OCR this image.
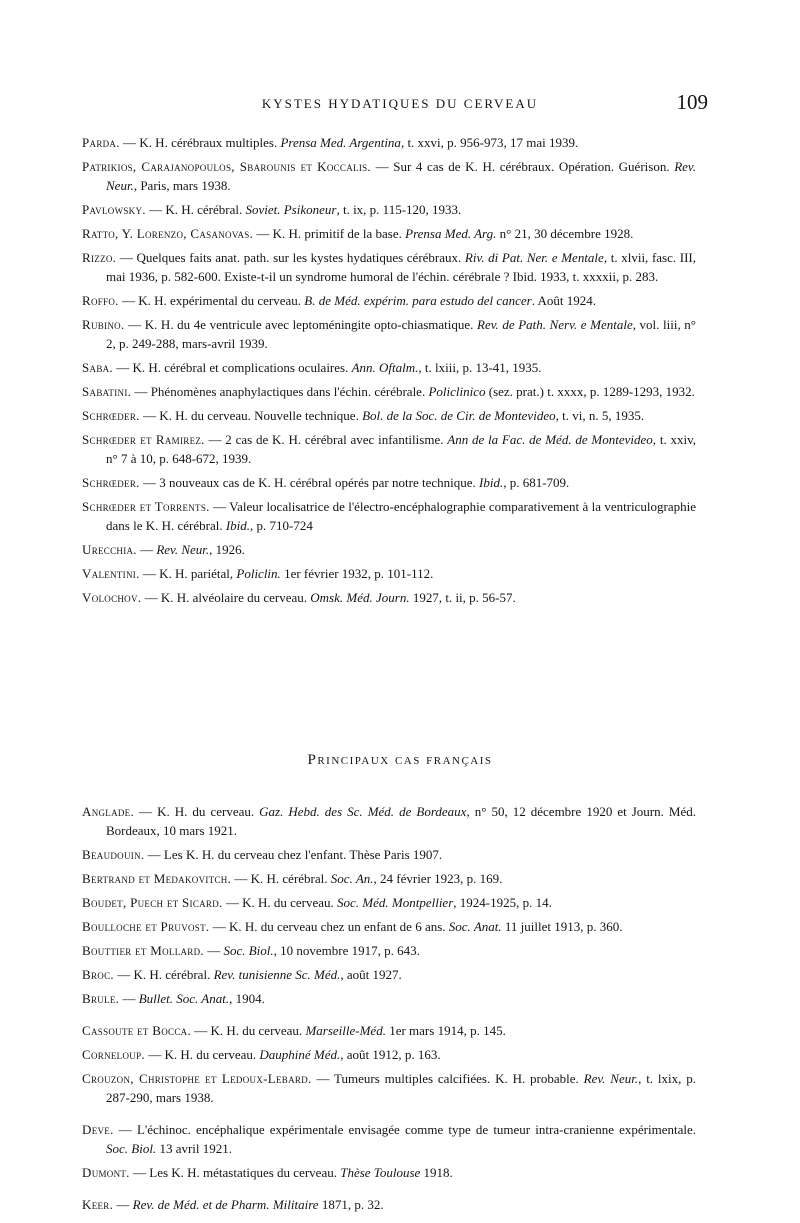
KYSTES HYDATIQUES DU CERVEAU	109
Parda. — K. H. cérébraux multiples. Prensa Med. Argentina, t. xxvi, p. 956-973, 17 mai 1939.
Patrikios, Carajanopoulos, Sbarounis et Koccalis. — Sur 4 cas de K. H. cérébraux. Opération. Guérison. Rev. Neur., Paris, mars 1938.
Pavlowsky. — K. H. cérébral. Soviet. Psikoneur, t. ix, p. 115-120, 1933.
Ratto, Y. Lorenzo, Casanovas. — K. H. primitif de la base. Prensa Med. Arg. n° 21, 30 décembre 1928.
Rizzo. — Quelques faits anat. path. sur les kystes hydatiques cérébraux. Riv. di Pat. Ner. e Mentale, t. xlvii, fasc. III, mai 1936, p. 582-600. Existe-t-il un syndrome humoral de l'échin. cérébrale ? Ibid. 1933, t. xxxxii, p. 283.
Roffo. — K. H. expérimental du cerveau. B. de Méd. expérim. para estudo del cancer. Août 1924.
Rubino. — K. H. du 4e ventricule avec leptoméningite opto-chiasmatique. Rev. de Path. Nerv. e Mentale, vol. liii, n° 2, p. 249-288, mars-avril 1939.
Saba. — K. H. cérébral et complications oculaires. Ann. Oftalm., t. lxiii, p. 13-41, 1935.
Sabatini. — Phénomènes anaphylactiques dans l'échin. cérébrale. Policlinico (sez. prat.) t. xxxx, p. 1289-1293, 1932.
Schrœder. — K. H. du cerveau. Nouvelle technique. Bol. de la Soc. de Cir. de Montevideo, t. vi, n. 5, 1935.
Schrœder et Ramirez. — 2 cas de K. H. cérébral avec infantilisme. Ann de la Fac. de Méd. de Montevideo, t. xxiv, n° 7 à 10, p. 648-672, 1939.
Schrœder. — 3 nouveaux cas de K. H. cérébral opérés par notre technique. Ibid., p. 681-709.
Schrœder et Torrents. — Valeur localisatrice de l'électro-encéphalographie comparativement à la ventriculographie dans le K. H. cérébral. Ibid., p. 710-724
Urecchia. — Rev. Neur., 1926.
Valentini. — K. H. pariétal, Policlin. 1er février 1932, p. 101-112.
Volochov. — K. H. alvéolaire du cerveau. Omsk. Méd. Journ. 1927, t. ii, p. 56-57.
Principaux cas français
Anglade. — K. H. du cerveau. Gaz. Hebd. des Sc. Méd. de Bordeaux, n° 50, 12 décembre 1920 et Journ. Méd. Bordeaux, 10 mars 1921.
Beaudouin. — Les K. H. du cerveau chez l'enfant. Thèse Paris 1907.
Bertrand et Medakovitch. — K. H. cérébral. Soc. An., 24 février 1923, p. 169.
Boudet, Puech et Sicard. — K. H. du cerveau. Soc. Méd. Montpellier, 1924-1925, p. 14.
Boulloche et Pruvost. — K. H. du cerveau chez un enfant de 6 ans. Soc. Anat. 11 juillet 1913, p. 360.
Bouttier et Mollard. — Soc. Biol., 10 novembre 1917, p. 643.
Broc. — K. H. cérébral. Rev. tunisienne Sc. Méd., août 1927.
Brule. — Bullet. Soc. Anat., 1904.
Cassoute et Bocca. — K. H. du cerveau. Marseille-Méd. 1er mars 1914, p. 145.
Corneloup. — K. H. du cerveau. Dauphiné Méd., août 1912, p. 163.
Crouzon, Christophe et Ledoux-Lebard. — Tumeurs multiples calcifiées. K. H. probable. Rev. Neur., t. lxix, p. 287-290, mars 1938.
Deve. — L'échinoc. encéphalique expérimentale envisagée comme type de tumeur intra-cranienne expérimentale. Soc. Biol. 13 avril 1921.
Dumont. — Les K. H. métastatiques du cerveau. Thèse Toulouse 1918.
Keer. — Rev. de Méd. et de Pharm. Militaire 1871, p. 32.
